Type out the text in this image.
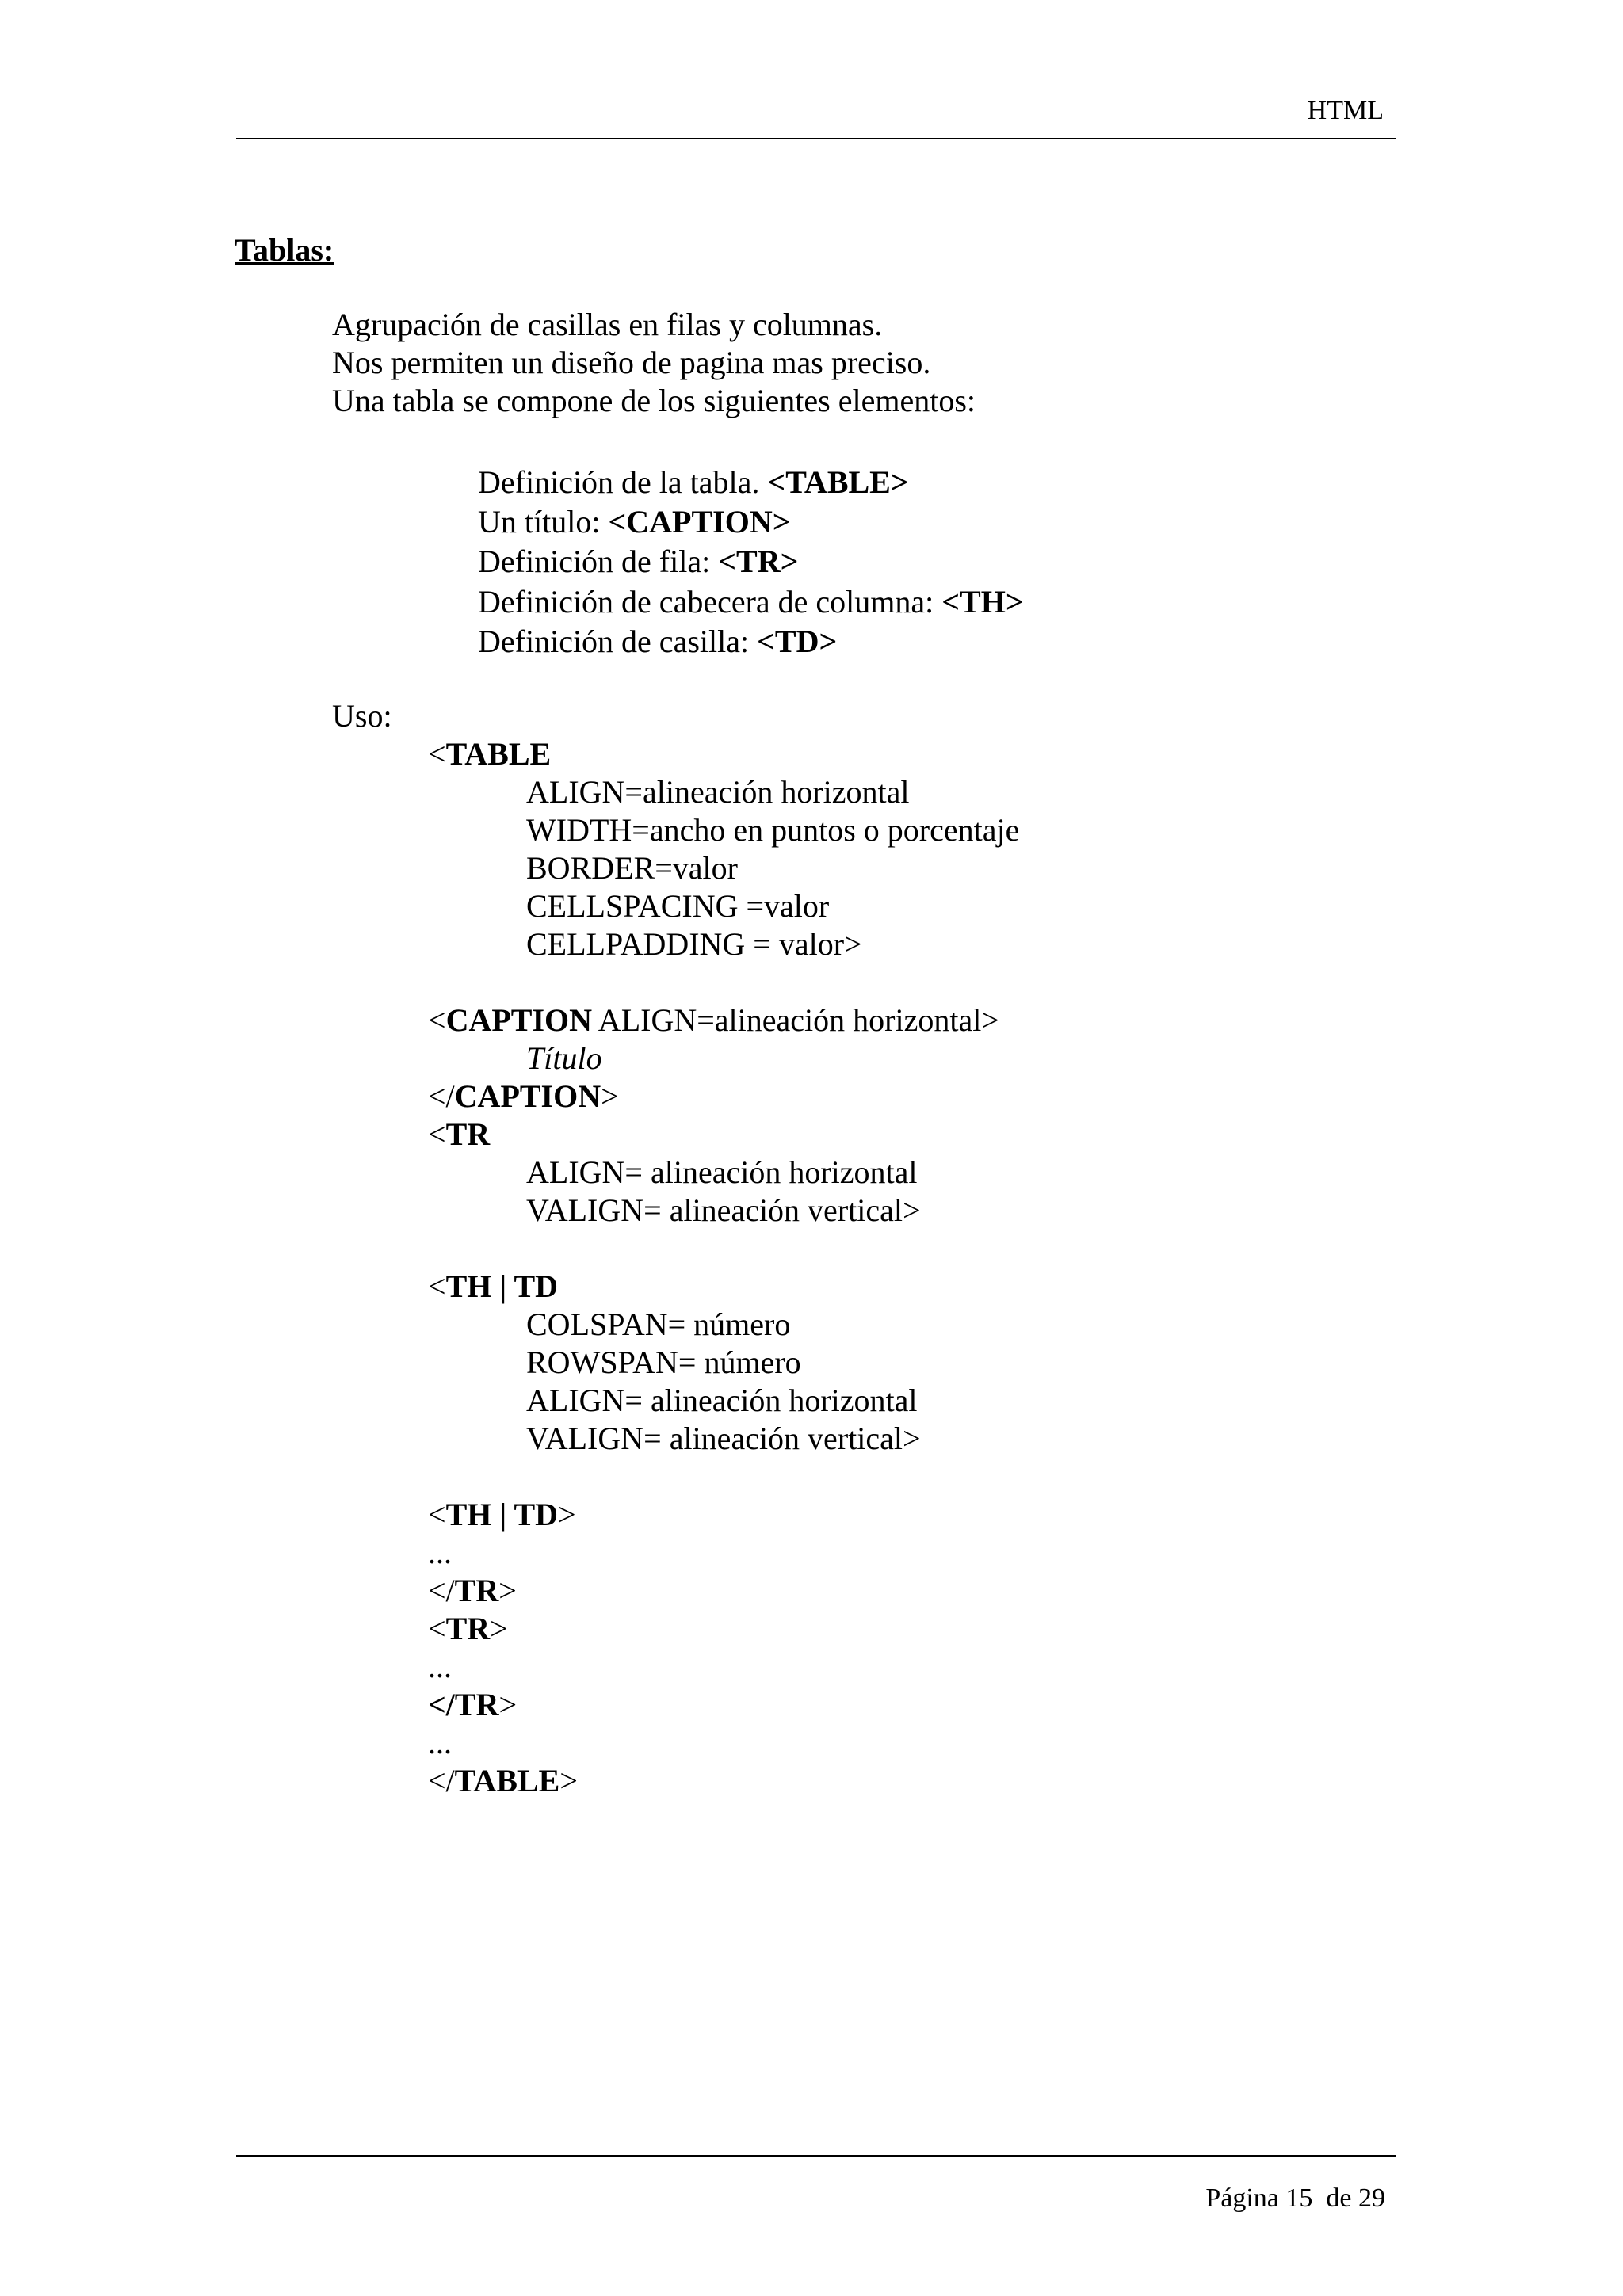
HTML
Tablas:
Agrupación de casillas en filas y columnas.
Nos permiten un diseño de pagina mas preciso.
Una tabla se compone de los siguientes elementos:
Definición de la tabla. <TABLE>
Un título: <CAPTION>
Definición de fila: <TR>
Definición de cabecera de columna: <TH>
Definición de casilla: <TD>
Uso:
<TABLE
ALIGN=alineación horizontal
WIDTH=ancho en puntos o porcentaje
BORDER=valor
CELLSPACING =valor
CELLPADDING = valor>
<CAPTION ALIGN=alineación horizontal>
Título
</CAPTION>
<TR
ALIGN= alineación horizontal
VALIGN= alineación vertical>
<TH | TD
COLSPAN= número
ROWSPAN= número
ALIGN= alineación horizontal
VALIGN= alineación vertical>
<TH | TD>
...
</TR>
<TR>
...
</TR>
...
</TABLE>
Página 15  de 29
